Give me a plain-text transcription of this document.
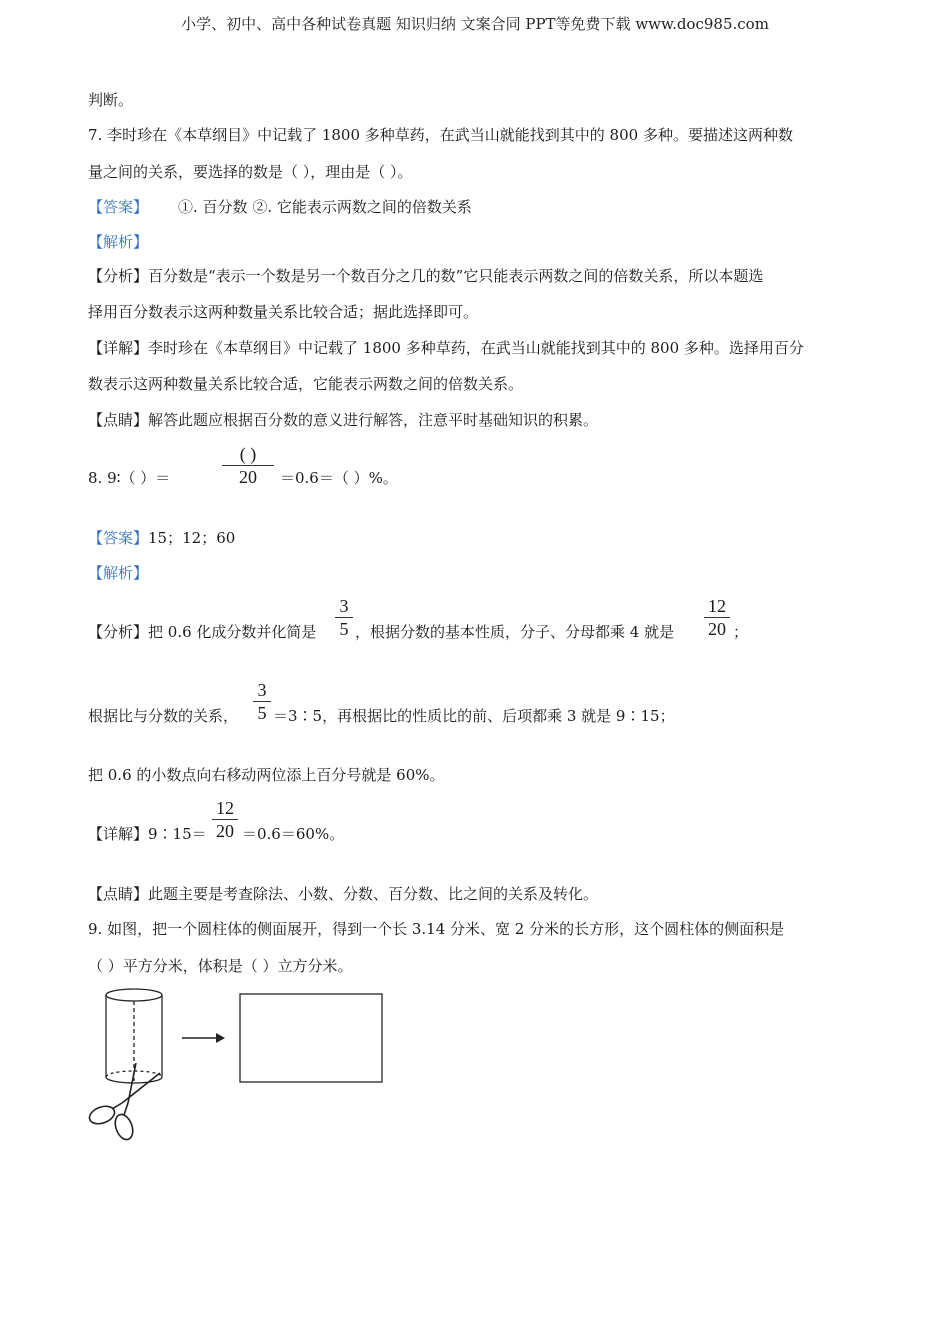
小学、初中、高中各种试卷真题 知识归纳 文案合同 PPT等免费下载 www.doc985.com
判断。
7. 李时珍在《本草纲目》中记载了 1800 多种草药，在武当山就能找到其中的 800 多种。要描述这两种数
量之间的关系，要选择的数是（ ），理由是（ ）。
【答案】 ①. 百分数 ②. 它能表示两数之间的倍数关系
【解析】
【分析】百分数是“表示一个数是另一个数百分之几的数”它只能表示两数之间的倍数关系，所以本题选
择用百分数表示这两种数量关系比较合适；据此选择即可。
【详解】李时珍在《本草纲目》中记载了 1800 多种草药，在武当山就能找到其中的 800 多种。选择用百分
数表示这两种数量关系比较合适，它能表示两数之间的倍数关系。
【点睛】解答此题应根据百分数的意义进行解答，注意平时基础知识的积累。
8. 9∶（ ）＝
( )
20 ＝0.6＝（ ）%。
【答案】15；12；60
【解析】
【分析】把 0.6 化成分数并化简是
3
5 ，根据分数的基本性质，分子、分母都乘 4 就是
12
20 ；
根据比与分数的关系，
3
5 ＝3∶5，再根据比的性质比的前、后项都乘 3 就是 9∶15；
把 0.6 的小数点向右移动两位添上百分号就是 60%。
【详解】9∶15＝
12
20 ＝0.6＝60%。
【点睛】此题主要是考查除法、小数、分数、百分数、比之间的关系及转化。
9. 如图，把一个圆柱体的侧面展开，得到一个长 3.14 分米、宽 2 分米的长方形，这个圆柱体的侧面积是
（ ）平方分米，体积是（ ）立方分米。
